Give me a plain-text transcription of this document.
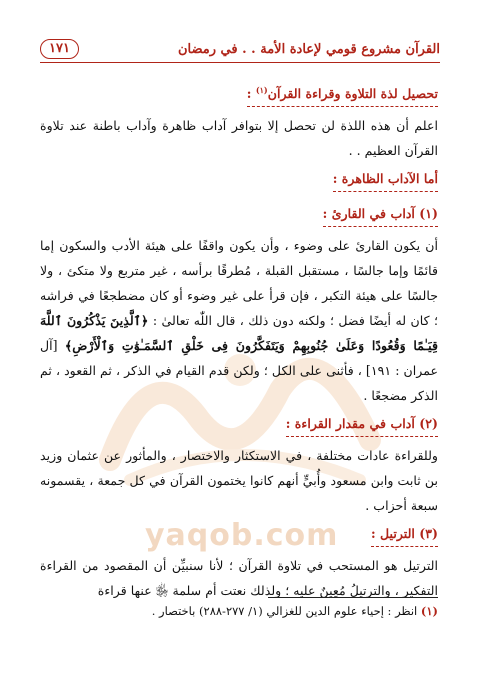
القرآن مشروع قومي لإعادة الأمة . . في رمضان
١٧١
تحصيل لذة التلاوة وقراءة القرآن$^{(١)}$ :

اعلم أن هذه اللذة لن تحصل إلا بتوافر آداب ظاهرة وآداب باطنة عند تلاوة القرآن العظيم . .

أما الآداب الظاهرة :
(١) آداب في القارئ :

أن يكون القارئ على وضوء ، وأن يكون واقفًا على هيئة الأدب والسكون إما قائمًا وإما جالسًا ، مستقبل القبلة ، مُطرقًا برأسه ، غير متربع ولا متكئ ، ولا جالسًا على هيئة التكبر ، فإن قرأ على غير وضوء أو كان مضطجعًا في فراشه ؛ كان له أيضًا فضل ؛ ولكنه دون ذلك ، قال اللّٰه تعالىٰ : ﴿ٱلَّذِينَ يَذْكُرُونَ ٱللَّهَ قِيَـٰمًا وَقُعُودًا وَعَلَىٰ جُنُوبِهِمْ وَيَتَفَكَّرُونَ فِى خَلْقِ ٱلسَّمَـٰوَٰتِ وَٱلْأَرْضِ﴾ [آل عمران : ١٩١] ، فأثنى على الكل ؛ ولكن قدم القيام في الذكر ، ثم القعود ، ثم الذكر مضجعًا .

(٢) آداب في مقدار القراءة :

وللقراءة عادات مختلفة ، في الاستكثار والاختصار ، والمأثور عن عثمان وزيد بن ثابت وابن مسعود وأُبيٍّ أنهم كانوا يختمون القرآن في كل جمعة ، يقسمونه سبعة أحزاب .

(٣) الترتيل :

الترتيل هو المستحب في تلاوة القرآن ؛ لأنا سنبيِّن أن المقصود من القراءة التفكير ، والترتيلُ مُعِينٌ عليه ؛ ولذلك نعتت أم سلمة ﵂ عنها قراءة

yaqob.com
(١) انظر : إحياء علوم الدين للغزالي (١/ ٢٧٧-٢٨٨) باختصار .
